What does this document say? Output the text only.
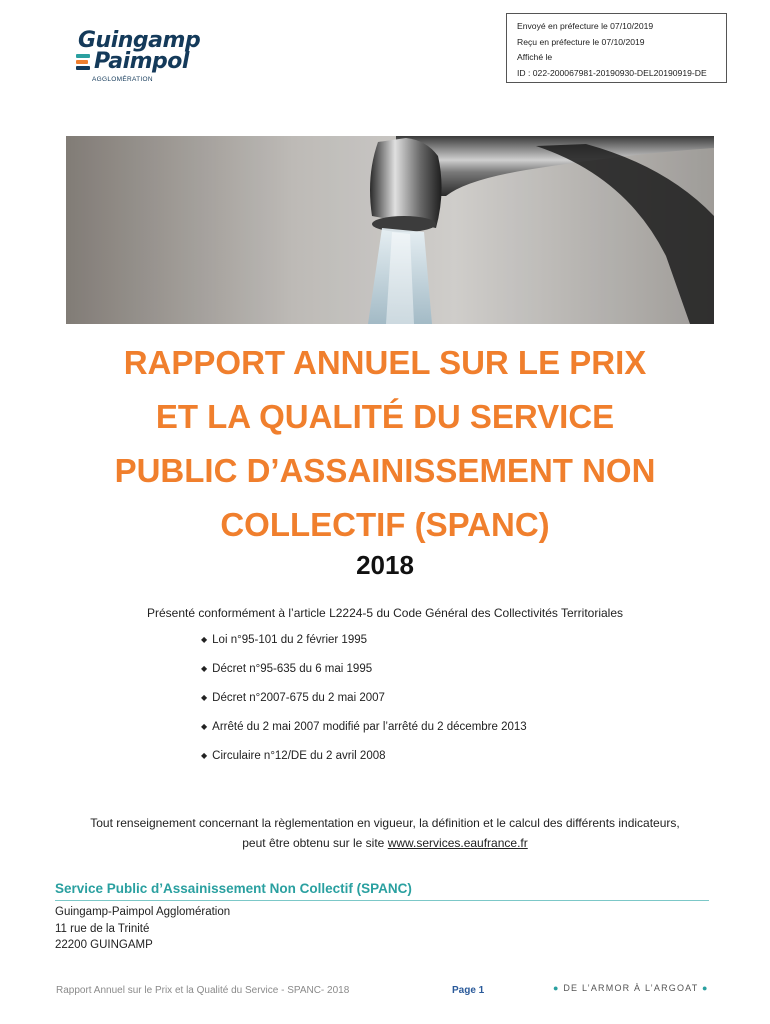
Guingamp
Paimpol
AGGLOMÉRATION
Envoyé en préfecture le 07/10/2019
Reçu en préfecture le 07/10/2019
Affiché le
ID : 022-200067981-20190930-DEL20190919-DE
RAPPORT ANNUEL SUR LE PRIX
ET LA QUALITÉ DU SERVICE
PUBLIC D’ASSAINISSEMENT NON
COLLECTIF (SPANC)
2018
Présenté conformément à l’article L2224-5 du Code Général des Collectivités Territoriales
◆ Loi n°95-101 du 2 février 1995
◆ Décret n°95-635 du 6 mai 1995
◆ Décret n°2007-675 du 2 mai 2007
◆ Arrêté du 2 mai 2007 modifié par l’arrêté du 2 décembre 2013
◆ Circulaire n°12/DE du 2 avril 2008
Tout renseignement concernant la règlementation en vigueur, la définition et le calcul des différents indicateurs,
peut être obtenu sur le site www.services.eaufrance.fr
Service Public d’Assainissement Non Collectif (SPANC)
Guingamp-Paimpol Agglomération
11 rue de la Trinité
22200 GUINGAMP
Rapport Annuel sur le Prix et la Qualité du Service - SPANC- 2018	Page 1	● DE L’ARMOR À L’ARGOAT ●
